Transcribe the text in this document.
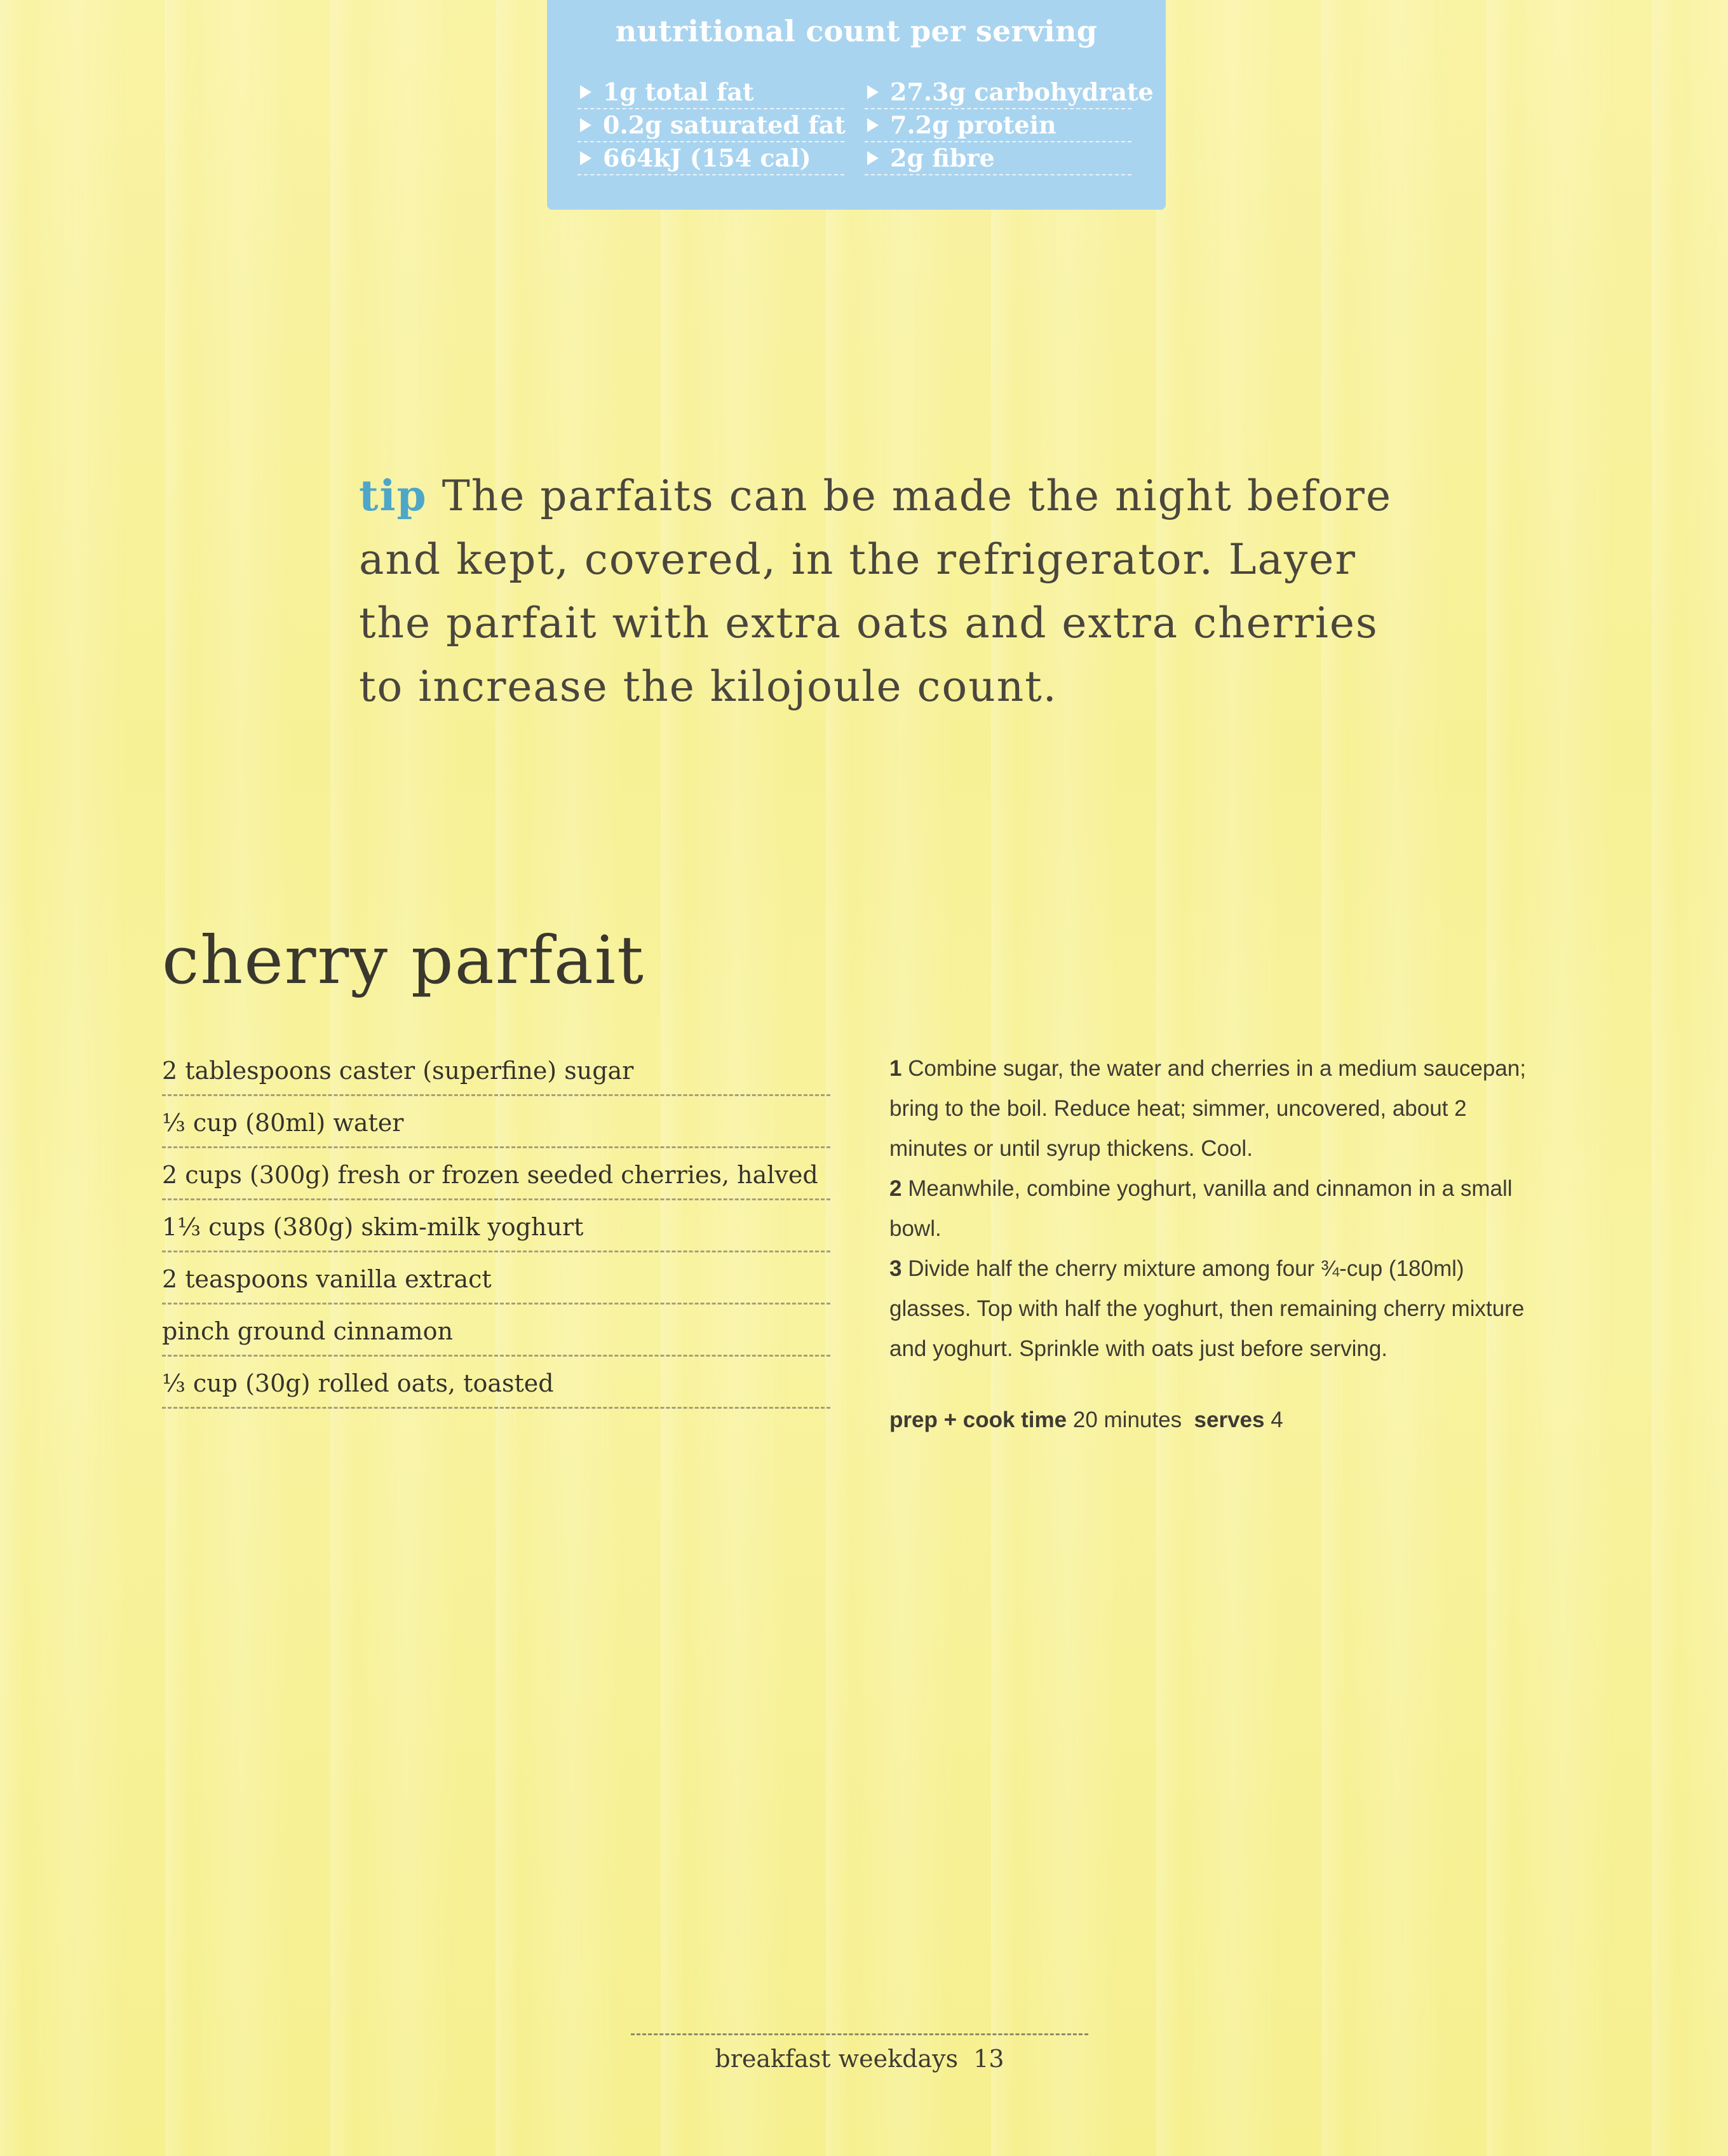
nutritional count per serving
1g total fat
0.2g saturated fat
664kJ (154 cal)
27.3g carbohydrate
7.2g protein
2g fibre
tip The parfaits can be made the night before and kept, covered, in the refrigerator. Layer the parfait with extra oats and extra cherries to increase the kilojoule count.
cherry parfait
2 tablespoons caster (superfine) sugar
⅓ cup (80ml) water
2 cups (300g) fresh or frozen seeded cherries, halved
1⅓ cups (380g) skim-milk yoghurt
2 teaspoons vanilla extract
pinch ground cinnamon
⅓ cup (30g) rolled oats, toasted

1 Combine sugar, the water and cherries in a medium saucepan; bring to the boil. Reduce heat; simmer, uncovered, about 2 minutes or until syrup thickens. Cool.

2 Meanwhile, combine yoghurt, vanilla and cinnamon in a small bowl.

3 Divide half the cherry mixture among four ¾-cup (180ml) glasses. Top with half the yoghurt, then remaining cherry mixture and yoghurt. Sprinkle with oats just before serving.

prep + cook time 20 minutes serves 4
breakfast weekdays  13
